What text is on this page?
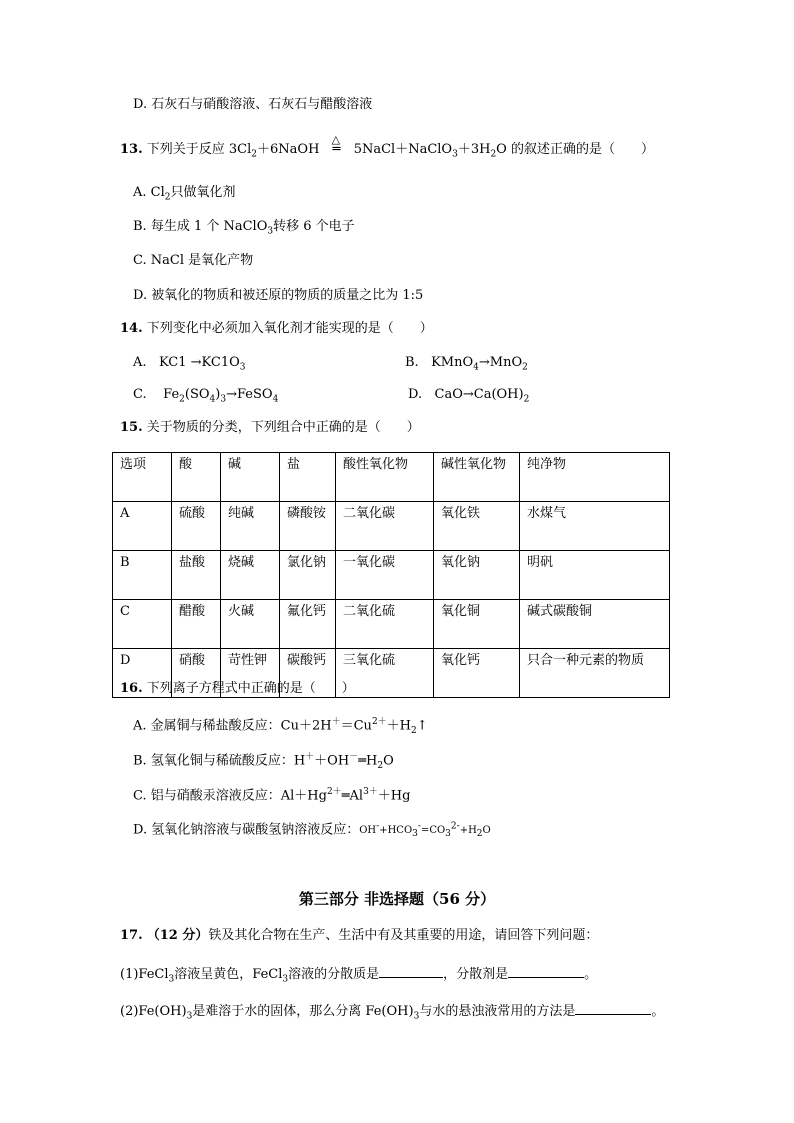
D. 石灰石与硝酸溶液、石灰石与醋酸溶液
13. 下列关于反应 $3Cl_2+6NaOH$
△
═ $5NaCl+NaClO_3+3H_2O$ 的叙述正确的是（　　）
A. $Cl_2$只做氧化剂
B. 每生成 1 个 NaClO$_3$转移 6 个电子
C. NaCl 是氧化产物
D. 被氧化的物质和被还原的物质的质量之比为 1:5
14. 下列变化中必须加入氧化剂才能实现的是（　　）
A. $KC1 \to KC1O_3$	B. KMnO$_4$→MnO$_2$
C. $Fe_2(SO_4)_3\to FeSO_4$	D. $CaO\to Ca(OH)_2$
15. 关于物质的分类，下列组合中正确的是（　　）
选项	酸	碱	盐	酸性氧化物	碱性氧化物	纯净物
A	硫酸	纯碱	磷酸铵	二氧化碳	氧化铁	水煤气
B	盐酸	烧碱	氯化钠	一氧化碳	氧化钠	明矾
C	醋酸	火碱	氟化钙	二氧化硫	氧化铜	碱式碳酸铜
D	硝酸	苛性钾	碳酸钙	三氧化硫	氧化钙	只合一种元素的物质
16. 下列离子方程式中正确的是（　　）
A. 金属铜与稀盐酸反应：$Cu+2H^+=Cu^{2+}+H_2↑$
B. 氢氧化铜与稀硫酸反应：$H^++OH^-═H_2O$
C. 铝与硝酸汞溶液反应：$Al+Hg^{2+}═Al^{3+}+Hg$
D. 氢氧化钠溶液与碳酸氢钠溶液反应：$OH^-+HCO_3^-=CO_3^{2-}+H_2O$
第三部分 非选择题（56 分）
17. （12 分）铁及其化合物在生产、生活中有及其重要的用途，请回答下列问题：
(1)FeCl$_3$溶液呈黄色，FeCl$_3$溶液的分散质是	，分散剂是	。
$(2)Fe(OH)_3$是难溶于水的固体，那么分离 $Fe(OH)_3$与水的悬浊液常用的方法是	。
